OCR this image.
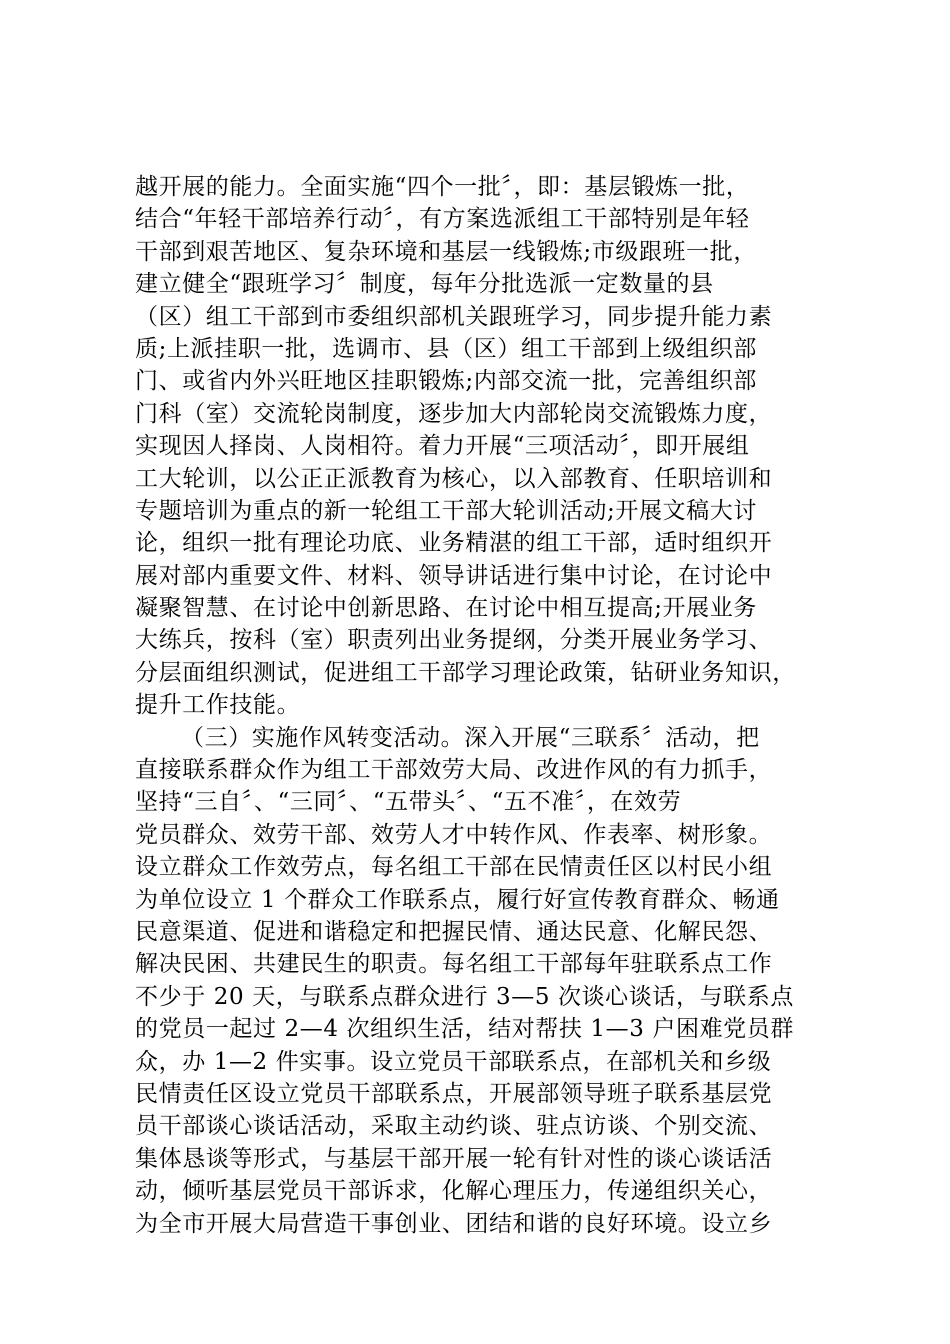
越开展的能力。全面实施“四个一批〞，即：基层锻炼一批，
结合“年轻干部培养行动〞，有方案选派组工干部特别是年轻
干部到艰苦地区、复杂环境和基层一线锻炼;市级跟班一批，
建立健全“跟班学习〞制度，每年分批选派一定数量的县
（区）组工干部到市委组织部机关跟班学习，同步提升能力素
质;上派挂职一批，选调市、县（区）组工干部到上级组织部
门、或省内外兴旺地区挂职锻炼;内部交流一批，完善组织部
门科（室）交流轮岗制度，逐步加大内部轮岗交流锻炼力度，
实现因人择岗、人岗相符。着力开展“三项活动〞，即开展组
工大轮训，以公正正派教育为核心，以入部教育、任职培训和
专题培训为重点的新一轮组工干部大轮训活动;开展文稿大讨
论，组织一批有理论功底、业务精湛的组工干部，适时组织开
展对部内重要文件、材料、领导讲话进行集中讨论，在讨论中
凝聚智慧、在讨论中创新思路、在讨论中相互提高;开展业务
大练兵，按科（室）职责列出业务提纲，分类开展业务学习、
分层面组织测试，促进组工干部学习理论政策，钻研业务知识，
提升工作技能。
（三）实施作风转变活动。深入开展“三联系〞活动，把
直接联系群众作为组工干部效劳大局、改进作风的有力抓手，
坚持“三自〞、“三同〞、“五带头〞、“五不准〞，在效劳
党员群众、效劳干部、效劳人才中转作风、作表率、树形象。
设立群众工作效劳点，每名组工干部在民情责任区以村民小组
为单位设立 1 个群众工作联系点，履行好宣传教育群众、畅通
民意渠道、促进和谐稳定和把握民情、通达民意、化解民怨、
解决民困、共建民生的职责。每名组工干部每年驻联系点工作
不少于 20 天，与联系点群众进行 3—5 次谈心谈话，与联系点
的党员一起过 2—4 次组织生活，结对帮扶 1—3 户困难党员群
众，办 1—2 件实事。设立党员干部联系点，在部机关和乡级
民情责任区设立党员干部联系点，开展部领导班子联系基层党
员干部谈心谈话活动，采取主动约谈、驻点访谈、个别交流、
集体恳谈等形式，与基层干部开展一轮有针对性的谈心谈话活
动，倾听基层党员干部诉求，化解心理压力，传递组织关心，
为全市开展大局营造干事创业、团结和谐的良好环境。设立乡
